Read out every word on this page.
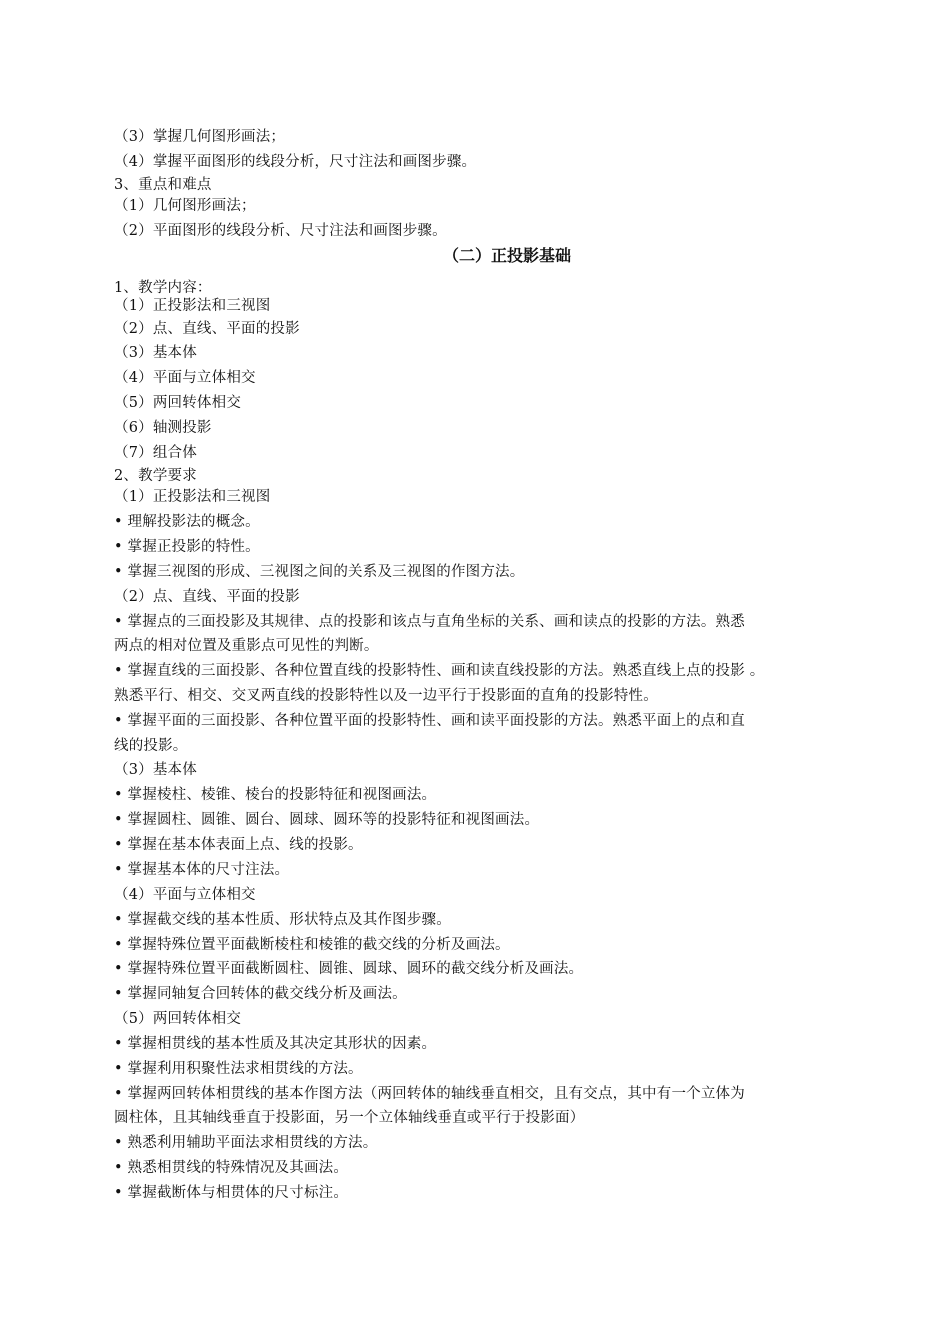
（3）掌握几何图形画法；
（4）掌握平面图形的线段分析，尺寸注法和画图步骤。
3、重点和难点
（1）几何图形画法；
（2）平面图形的线段分析、尺寸注法和画图步骤。
（二）正投影基础
1、教学内容：
（1）正投影法和三视图
（2）点、直线、平面的投影
（3）基本体
（4）平面与立体相交
（5）两回转体相交
（6）轴测投影
（7）组合体
2、教学要求
（1）正投影法和三视图
• 理解投影法的概念。
• 掌握正投影的特性。
• 掌握三视图的形成、三视图之间的关系及三视图的作图方法。
（2）点、直线、平面的投影
• 掌握点的三面投影及其规律、点的投影和该点与直角坐标的关系、画和读点的投影的方法。熟悉
两点的相对位置及重影点可见性的判断。
• 掌握直线的三面投影、各种位置直线的投影特性、画和读直线投影的方法。熟悉直线上点的投影 。
熟悉平行、相交、交叉两直线的投影特性以及一边平行于投影面的直角的投影特性。
• 掌握平面的三面投影、各种位置平面的投影特性、画和读平面投影的方法。熟悉平面上的点和直
线的投影。
（3）基本体
• 掌握棱柱、棱锥、棱台的投影特征和视图画法。
• 掌握圆柱、圆锥、圆台、圆球、圆环等的投影特征和视图画法。
• 掌握在基本体表面上点、线的投影。
• 掌握基本体的尺寸注法。
（4）平面与立体相交
• 掌握截交线的基本性质、形状特点及其作图步骤。
• 掌握特殊位置平面截断棱柱和棱锥的截交线的分析及画法。
• 掌握特殊位置平面截断圆柱、圆锥、圆球、圆环的截交线分析及画法。
• 掌握同轴复合回转体的截交线分析及画法。
（5）两回转体相交
• 掌握相贯线的基本性质及其决定其形状的因素。
• 掌握利用积聚性法求相贯线的方法。
• 掌握两回转体相贯线的基本作图方法（两回转体的轴线垂直相交，且有交点，其中有一个立体为
圆柱体，且其轴线垂直于投影面，另一个立体轴线垂直或平行于投影面）
• 熟悉利用辅助平面法求相贯线的方法。
• 熟悉相贯线的特殊情况及其画法。
• 掌握截断体与相贯体的尺寸标注。
